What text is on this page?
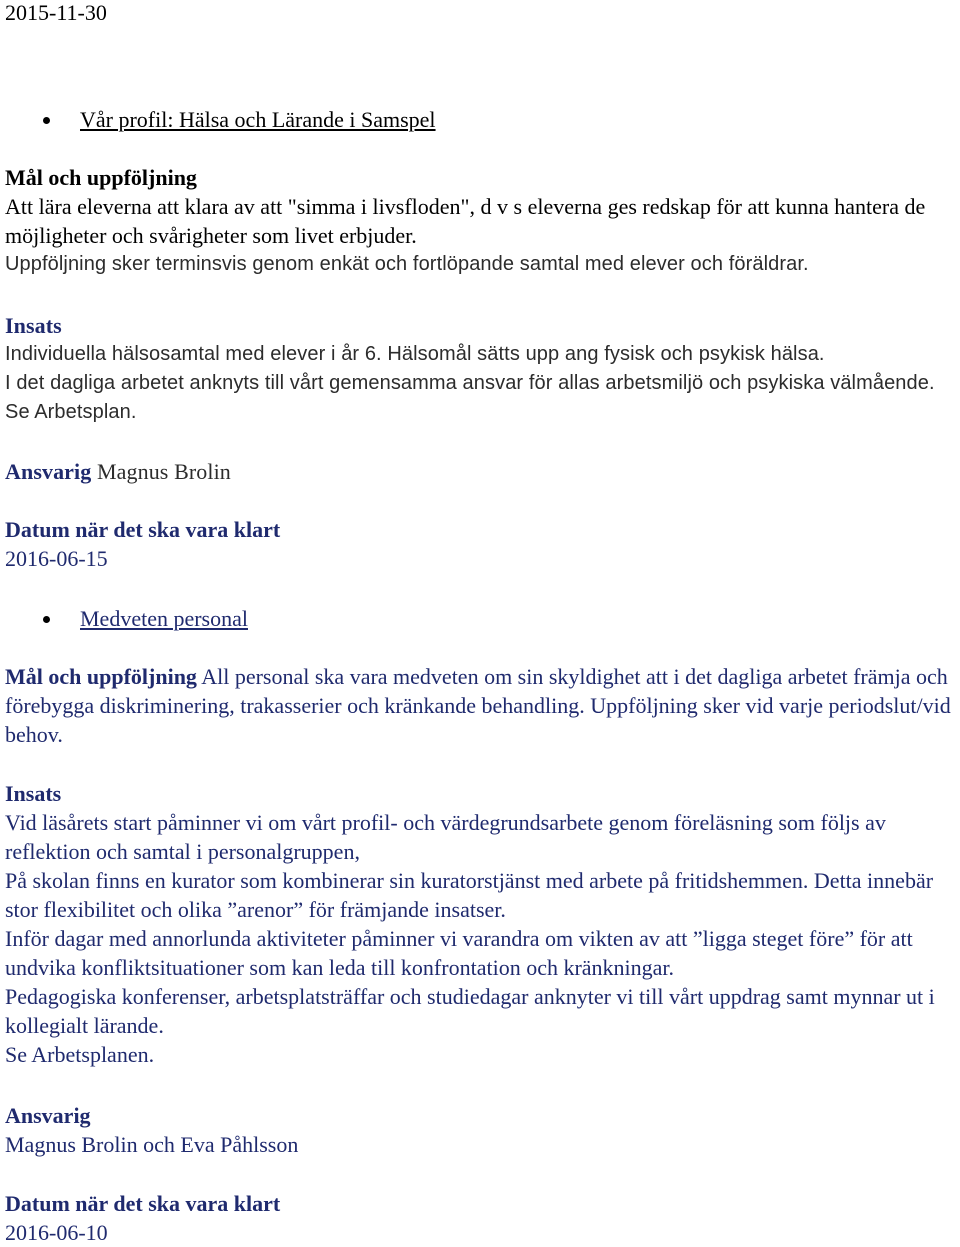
2015-11-30
Vår profil: Hälsa och Lärande i Samspel

Mål och uppföljning

Att lära eleverna att klara av att "simma i livsfloden", d v s eleverna ges redskap för att kunna hantera de möjligheter och svårigheter som livet erbjuder.

Uppföljning sker terminsvis genom enkät och fortlöpande samtal med elever och föräldrar.

Insats

Individuella hälsosamtal med elever i år 6. Hälsomål sätts upp ang fysisk och psykisk hälsa.

I det dagliga arbetet anknyts till vårt gemensamma ansvar för allas arbetsmiljö och psykiska välmående. Se Arbetsplan.

Ansvarig Magnus Brolin

Datum när det ska vara klart

2016-06-15

Medveten personal

Mål och uppföljning All personal ska vara medveten om sin skyldighet att i det dagliga arbetet främja och förebygga diskriminering, trakasserier och kränkande behandling. Uppföljning sker vid varje periodslut/vid behov.

Insats

Vid läsårets start påminner vi om vårt profil- och värdegrundsarbete genom föreläsning som följs av reflektion och samtal i personalgruppen,

På skolan finns en kurator som kombinerar sin kuratorstjänst med arbete på fritidshemmen. Detta innebär stor flexibilitet och olika ”arenor” för främjande insatser.

Inför dagar med annorlunda aktiviteter påminner vi varandra om vikten av att ”ligga steget före” för att undvika konfliktsituationer som kan leda till konfrontation och kränkningar.

Pedagogiska konferenser, arbetsplatsträffar och studiedagar anknyter vi till vårt uppdrag samt mynnar ut i kollegialt lärande.

Se Arbetsplanen.

Ansvarig

Magnus Brolin och Eva Påhlsson

Datum när det ska vara klart

2016-06-10
